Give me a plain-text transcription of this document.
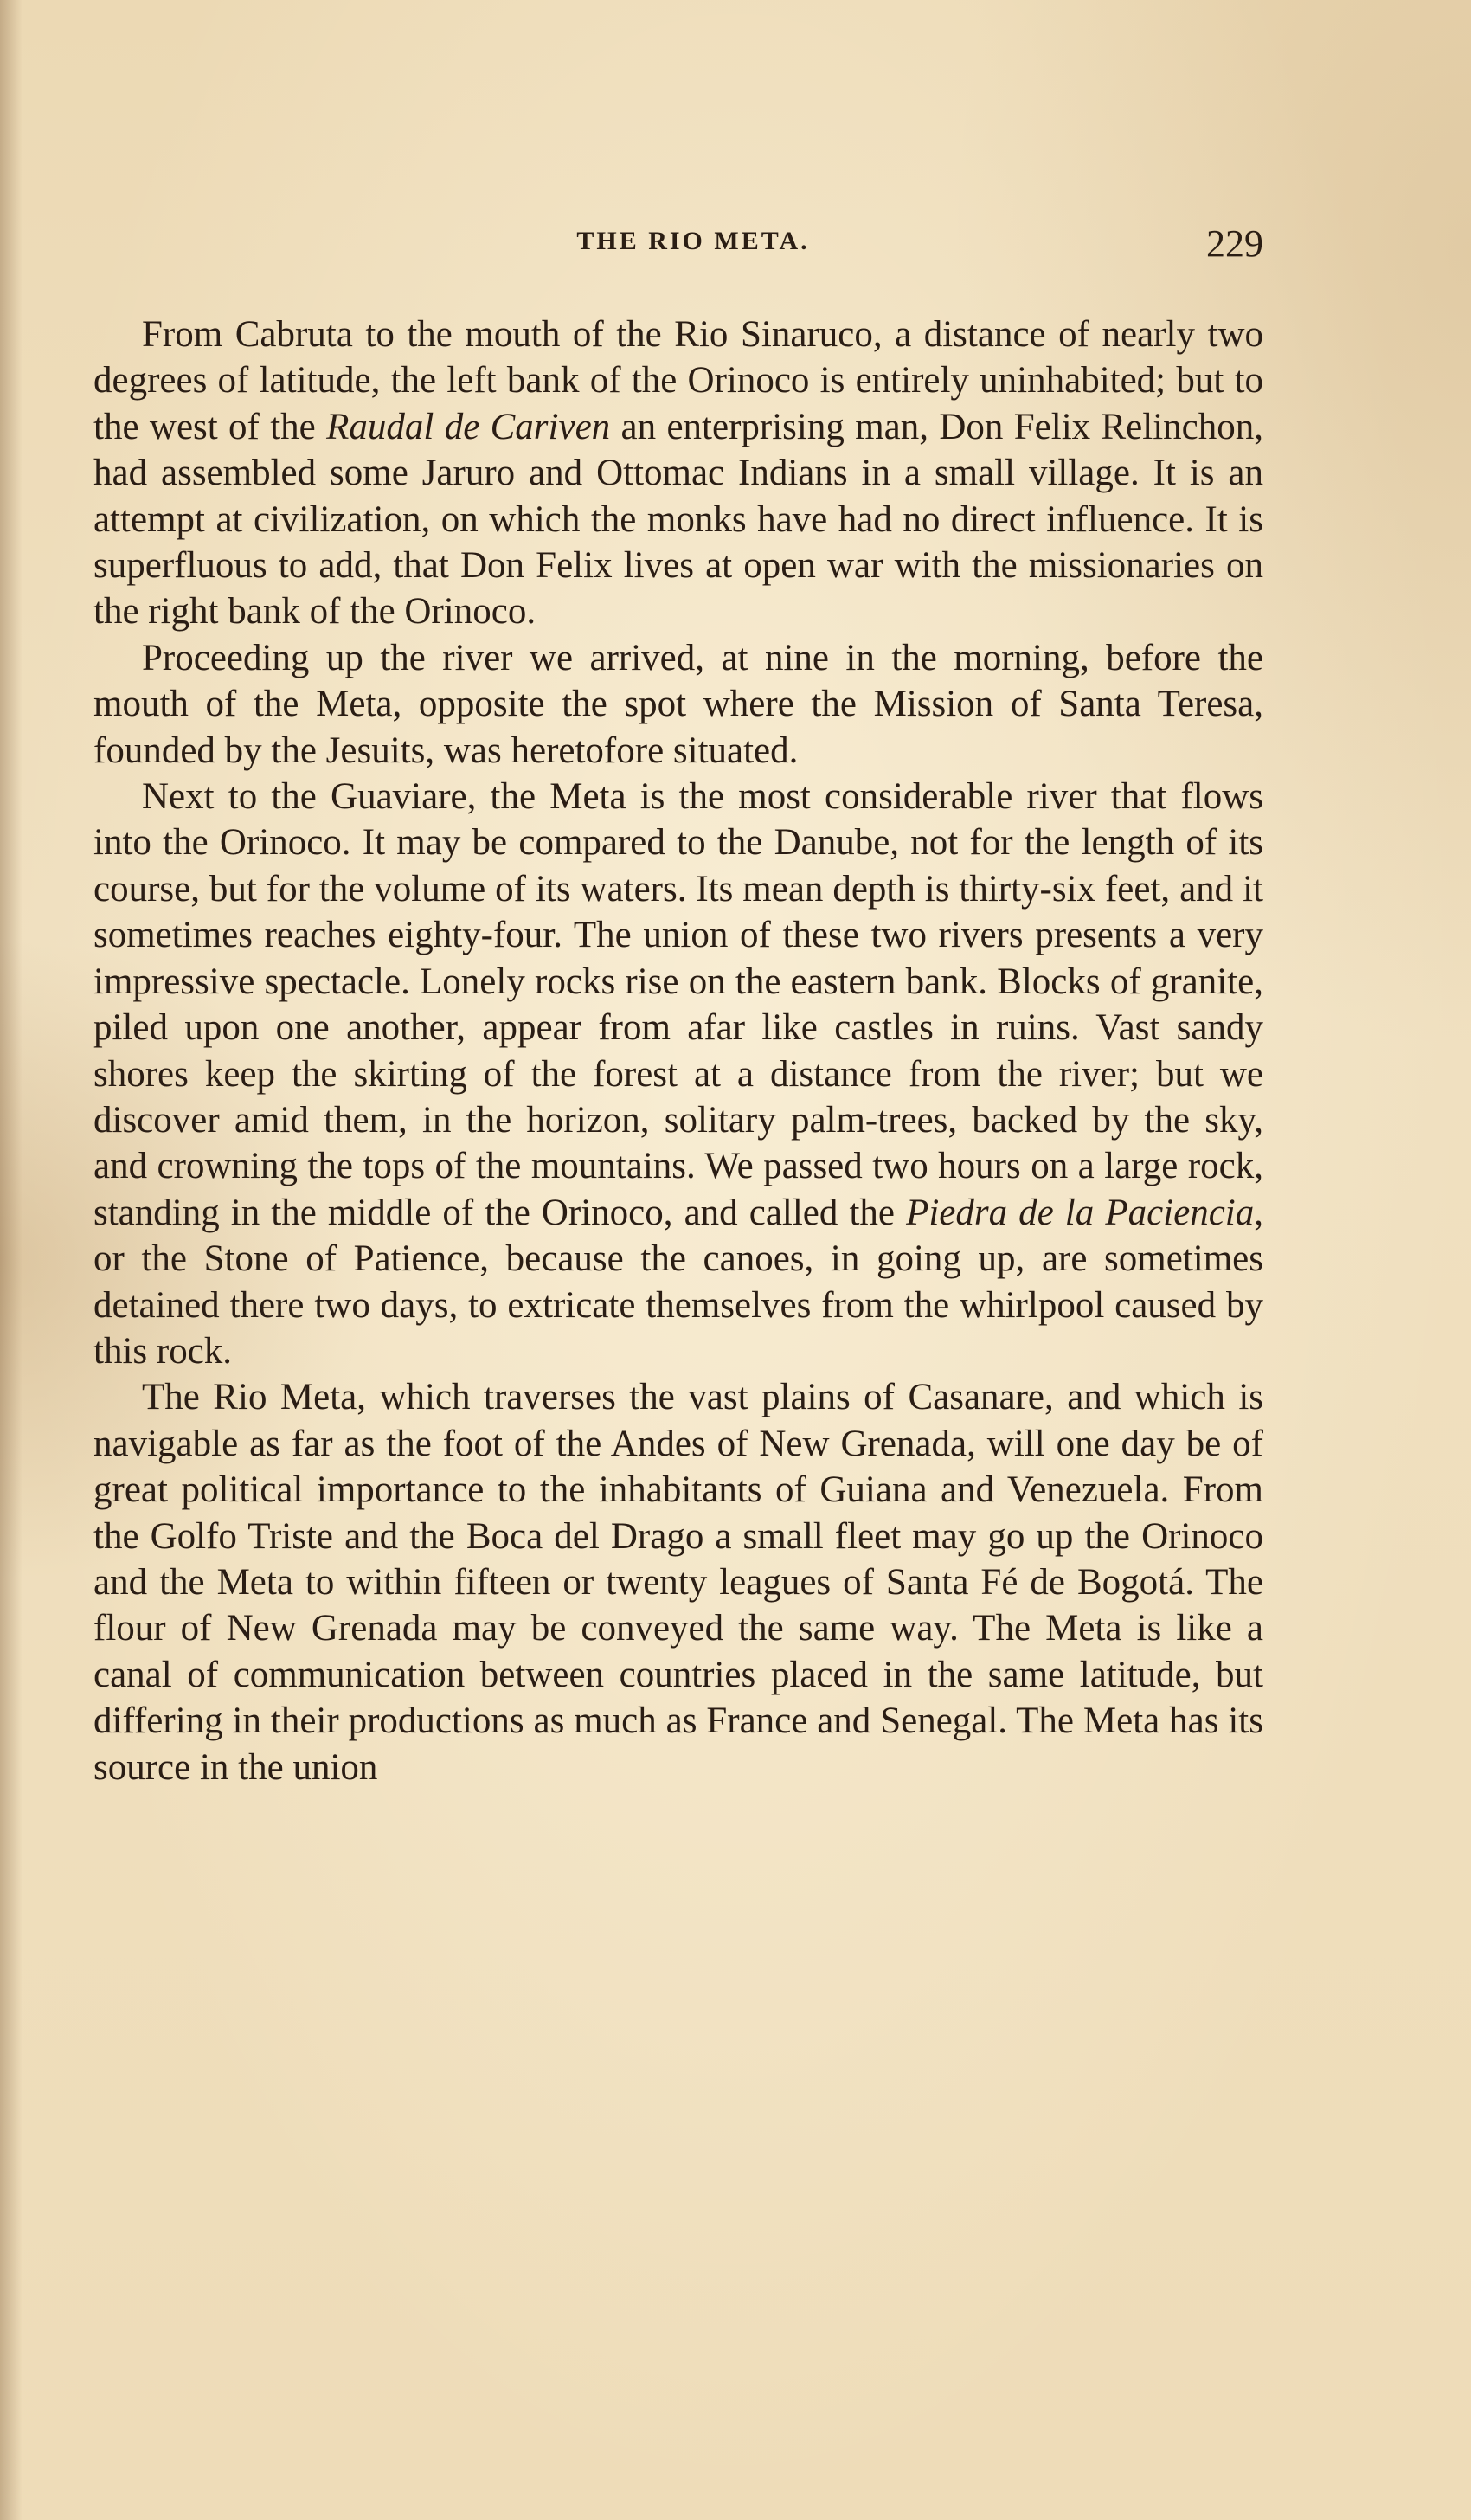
THE RIO META.	229

From Cabruta to the mouth of the Rio Sinaruco, a distance of nearly two degrees of latitude, the left bank of the Orinoco is entirely uninhabited; but to the west of the Raudal de Cariven an enterprising man, Don Felix Relinchon, had assembled some Jaruro and Ottomac Indians in a small village. It is an attempt at civilization, on which the monks have had no direct influence. It is superfluous to add, that Don Felix lives at open war with the missionaries on the right bank of the Orinoco.

Proceeding up the river we arrived, at nine in the morning, before the mouth of the Meta, opposite the spot where the Mission of Santa Teresa, founded by the Jesuits, was heretofore situated.

Next to the Guaviare, the Meta is the most considerable river that flows into the Orinoco. It may be compared to the Danube, not for the length of its course, but for the volume of its waters. Its mean depth is thirty-six feet, and it sometimes reaches eighty-four. The union of these two rivers presents a very impressive spectacle. Lonely rocks rise on the eastern bank. Blocks of granite, piled upon one another, appear from afar like castles in ruins. Vast sandy shores keep the skirting of the forest at a distance from the river; but we discover amid them, in the horizon, solitary palm-trees, backed by the sky, and crowning the tops of the mountains. We passed two hours on a large rock, standing in the middle of the Orinoco, and called the Piedra de la Paciencia, or the Stone of Patience, because the canoes, in going up, are sometimes detained there two days, to extricate themselves from the whirlpool caused by this rock.

The Rio Meta, which traverses the vast plains of Casanare, and which is navigable as far as the foot of the Andes of New Grenada, will one day be of great political importance to the inhabitants of Guiana and Venezuela. From the Golfo Triste and the Boca del Drago a small fleet may go up the Orinoco and the Meta to within fifteen or twenty leagues of Santa Fé de Bogotá. The flour of New Grenada may be conveyed the same way. The Meta is like a canal of communication between countries placed in the same latitude, but differing in their productions as much as France and Senegal. The Meta has its source in the union
